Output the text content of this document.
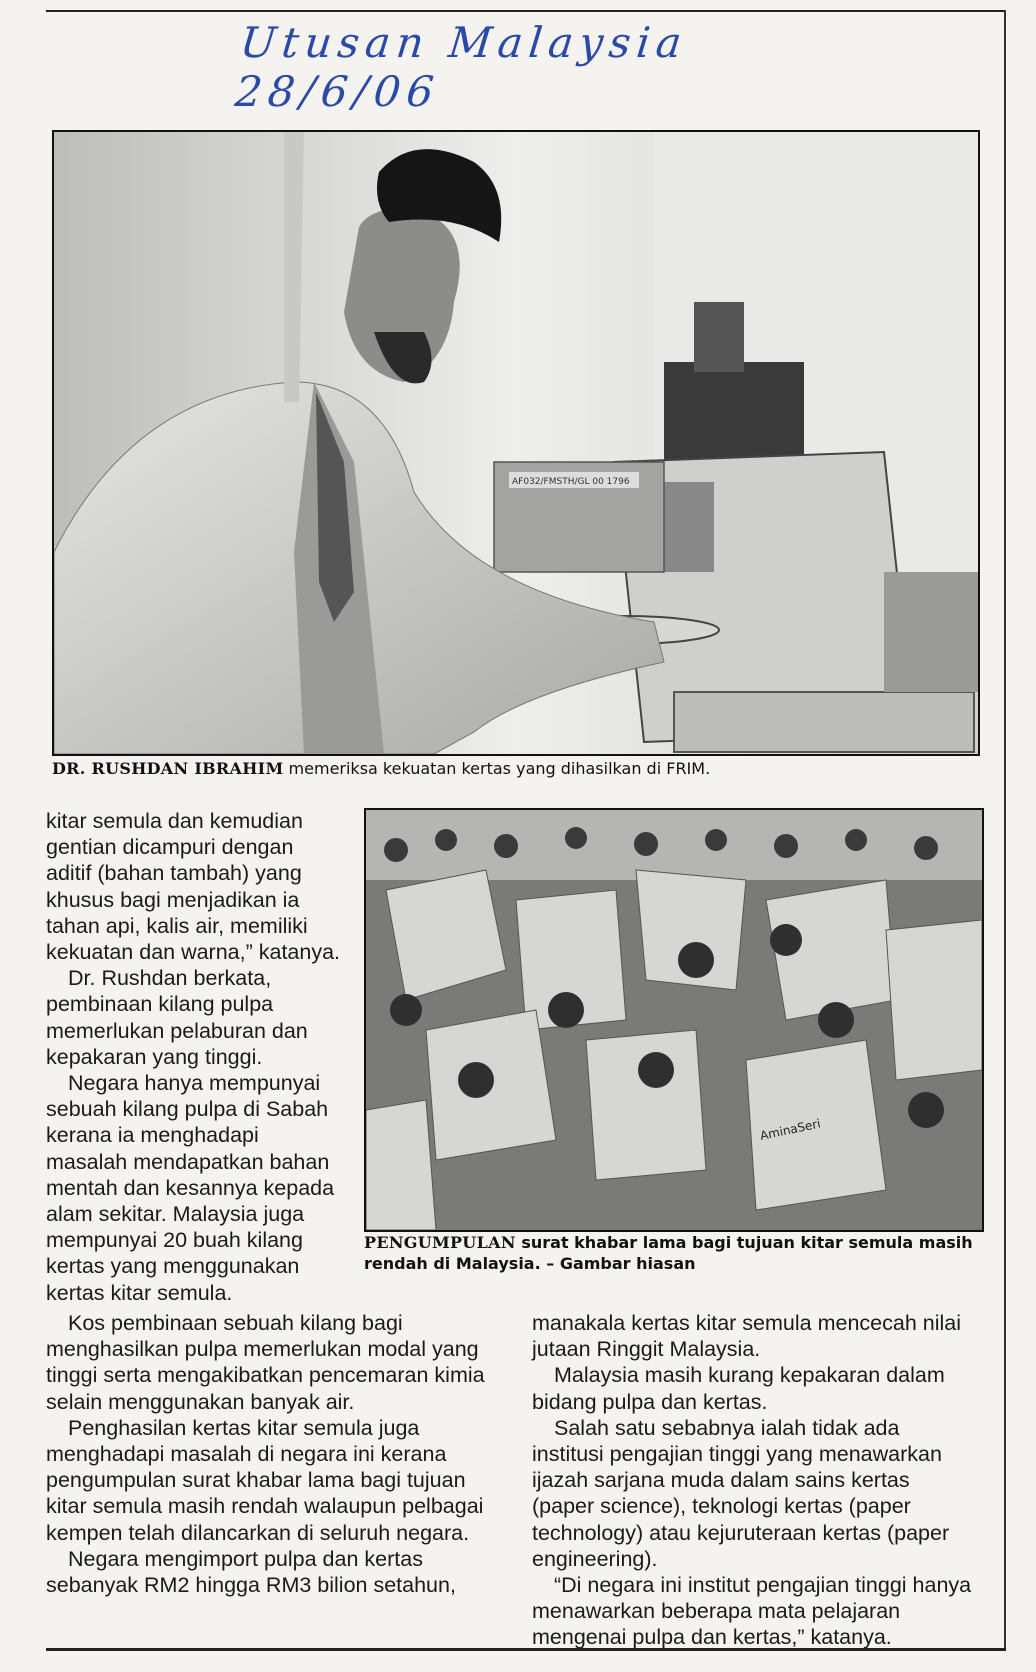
Utusan Malaysia 28/6/06
AF032/FMSTH/GL 00 1796
DR. RUSHDAN IBRAHIM memeriksa kekuatan kertas yang dihasilkan di FRIM.
AminaSeri
PENGUMPULAN surat khabar lama bagi tujuan kitar semula masih rendah di Malaysia. – Gambar hiasan

kitar semula dan kemudian gentian dicampuri dengan aditif (bahan tambah) yang khusus bagi menjadikan ia tahan api, kalis air, memiliki kekuatan dan warna,” katanya.

Dr. Rushdan berkata, pembinaan kilang pulpa memerlukan pelaburan dan kepakaran yang tinggi.

Negara hanya mempunyai sebuah kilang pulpa di Sabah kerana ia menghadapi masalah mendapatkan bahan mentah dan kesannya kepada alam sekitar. Malaysia juga mempunyai 20 buah kilang kertas yang menggunakan kertas kitar semula.

Kos pembinaan sebuah kilang bagi menghasilkan pulpa memerlukan modal yang tinggi serta mengakibatkan pencemaran kimia selain menggunakan banyak air.

Penghasilan kertas kitar semula juga menghadapi masalah di negara ini kerana pengumpulan surat khabar lama bagi tujuan kitar semula masih rendah walaupun pelbagai kempen telah dilancarkan di seluruh negara.

Negara mengimport pulpa dan kertas sebanyak RM2 hingga RM3 bilion setahun,

manakala kertas kitar semula mencecah nilai jutaan Ringgit Malaysia.

Malaysia masih kurang kepakaran dalam bidang pulpa dan kertas.

Salah satu sebabnya ialah tidak ada institusi pengajian tinggi yang menawarkan ijazah sarjana muda dalam sains kertas (paper science), teknologi kertas (paper technology) atau kejuruteraan kertas (paper engineering).

“Di negara ini institut pengajian tinggi hanya menawarkan beberapa mata pelajaran mengenai pulpa dan kertas,” katanya.
